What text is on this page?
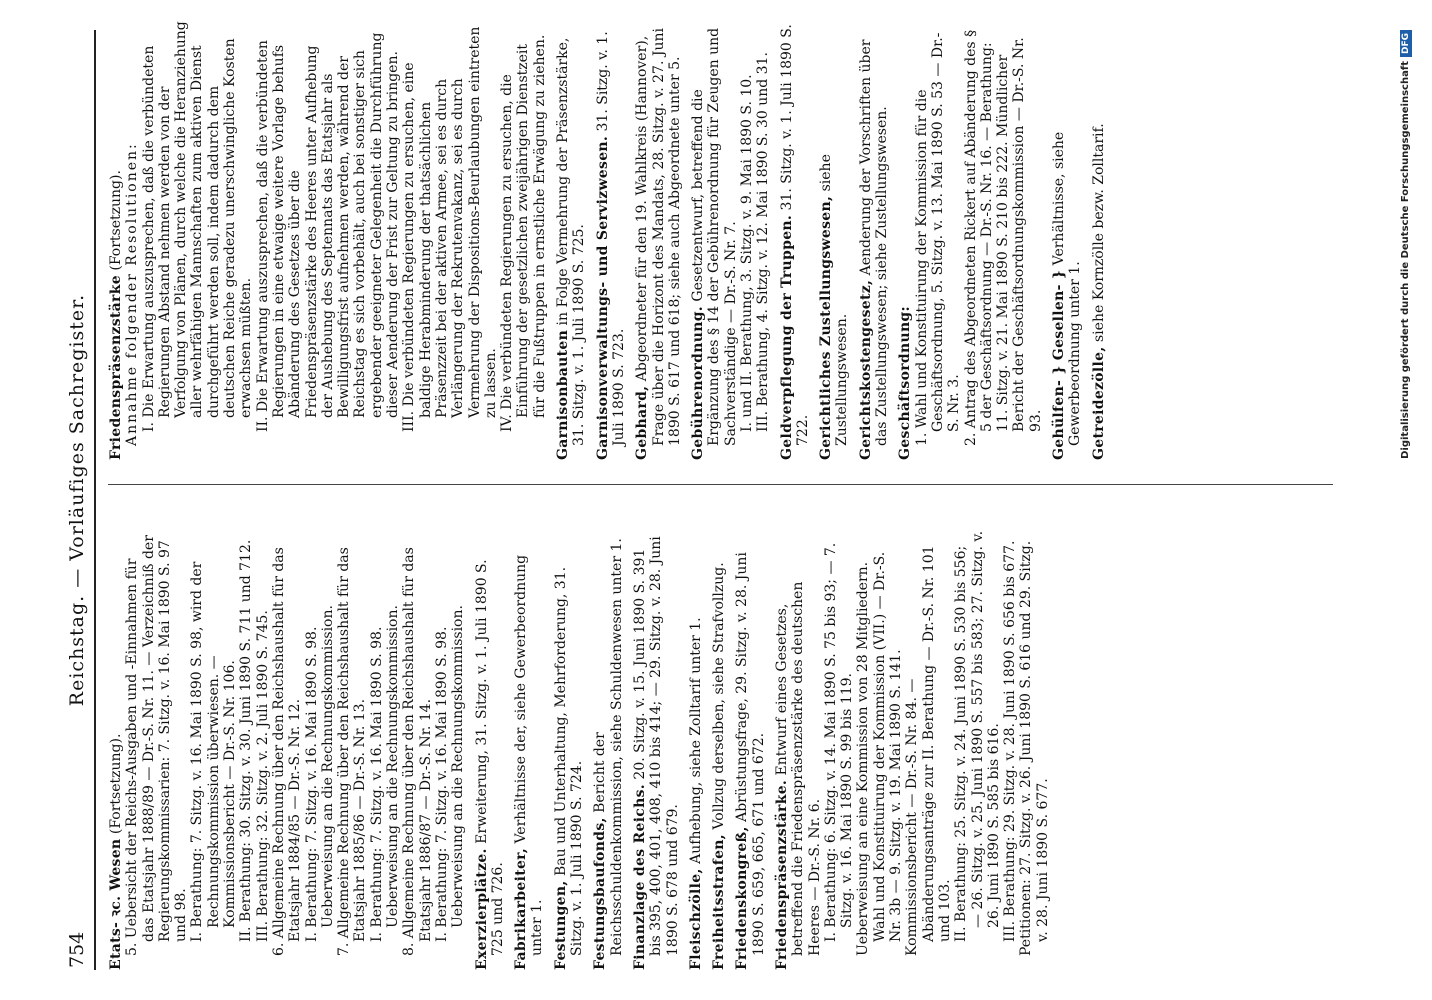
754
Reichstag. — Vorläufiges Sachregister.

Etats- ꝛc. Wesen (Fortsetzung). 5. Uebersicht der Reichs-Ausgaben und -Einnahmen für das Etatsjahr 1888/89 — Dr.-S. Nr. 11. — Verzeichniß der Regierungskommissarien: 7. Sitzg. v. 16. Mai 1890 S. 97 und 98. I. Berathung: 7. Sitzg. v. 16. Mai 1890 S. 98, wird der Rechnungskommission überwiesen. — Kommissionsbericht — Dr.-S. Nr. 106. II. Berathung: 30. Sitzg. v. 30. Juni 1890 S. 711 und 712. III. Berathung: 32. Sitzg. v. 2. Juli 1890 S. 745. 6. Allgemeine Rechnung über den Reichshaushalt für das Etatsjahr 1884/85 — Dr.-S. Nr. 12. I. Berathung: 7. Sitzg. v. 16. Mai 1890 S. 98. Ueberweisung an die Rechnungskommission. 7. Allgemeine Rechnung über den Reichshaushalt für das Etatsjahr 1885/86 — Dr.-S. Nr. 13. I. Berathung: 7. Sitzg. v. 16. Mai 1890 S. 98. Ueberweisung an die Rechnungskommission. 8. Allgemeine Rechnung über den Reichshaushalt für das Etatsjahr 1886/87 — Dr.-S. Nr. 14. I. Berathung: 7. Sitzg. v. 16. Mai 1890 S. 98. Ueberweisung an die Rechnungskommission. Exerzierplätze. Erweiterung, 31. Sitzg. v. 1. Juli 1890 S. 725 und 726. Fabrikarbeiter, Verhältnisse der, siehe Gewerbeordnung unter 1. Festungen, Bau und Unterhaltung, Mehrforderung, 31. Sitzg. v. 1. Juli 1890 S. 724. Festungsbaufonds, Bericht der Reichsschuldenkommission, siehe Schuldenwesen unter 1. Finanzlage des Reichs. 20. Sitzg. v. 15. Juni 1890 S. 391 bis 395, 400, 401, 408, 410 bis 414; — 29. Sitzg. v. 28. Juni 1890 S. 678 und 679. Fleischzölle, Aufhebung, siehe Zolltarif unter 1.

Freiheitsstrafen, Vollzug derselben, siehe Strafvollzug.

Friedenskongreß, Abrüstungsfrage, 29. Sitzg. v. 28. Juni 1890 S. 659, 665, 671 und 672. Friedenspräsenzstärke. Entwurf eines Gesetzes, betreffend die Friedenspräsenzstärke des deutschen Heeres — Dr.-S. Nr. 6. I. Berathung: 6. Sitzg. v. 14. Mai 1890 S. 75 bis 93; — 7. Sitzg. v. 16. Mai 1890 S. 99 bis 119. Ueberweisung an eine Kommission von 28 Mitgliedern. Wahl und Konstituirung der Kommission (VII.) — Dr.-S. Nr. 3b — 9. Sitzg. v. 19. Mai 1890 S. 141. Kommissionsbericht — Dr.-S. Nr. 84. — Abänderungsanträge zur II. Berathung — Dr.-S. Nr. 101 und 103. II. Berathung: 25. Sitzg. v. 24. Juni 1890 S. 530 bis 556; — 26. Sitzg. v. 25. Juni 1890 S. 557 bis 583; 27. Sitzg. v. 26. Juni 1890 S. 585 bis 616. III. Berathung: 29. Sitzg. v. 28. Juni 1890 S. 656 bis 677. Petitionen: 27. Sitzg. v. 26. Juni 1890 S. 616 und 29. Sitzg. v. 28. Juni 1890 S. 677.

Friedenspräsenzstärke (Fortsetzung). Annahme folgender Resolutionen: I. Die Erwartung auszusprechen, daß die verbündeten Regierungen Abstand nehmen werden von der Verfolgung von Plänen, durch welche die Heranziehung aller wehrfähigen Mannschaften zum aktiven Dienst durchgeführt werden soll, indem dadurch dem deutschen Reiche geradezu unerschwingliche Kosten erwachsen müßten. II. Die Erwartung auszusprechen, daß die verbündeten Regierungen in eine etwaige weitere Vorlage behufs Abänderung des Gesetzes über die Friedenspräsenzstärke des Heeres unter Aufhebung der Aushebung des Septennats das Etatsjahr als Bewilligungsfrist aufnehmen werden, während der Reichstag es sich vorbehält, auch bei sonstiger sich ergebender geeigneter Gelegenheit die Durchführung dieser Aenderung der Frist zur Geltung zu bringen. III. Die verbündeten Regierungen zu ersuchen, eine baldige Herabminderung der thatsächlichen Präsenzzeit bei der aktiven Armee, sei es durch Verlängerung der Rekrutenvakanz, sei es durch Vermehrung der Dispositions-Beurlaubungen eintreten zu lassen. IV. Die verbündeten Regierungen zu ersuchen, die Einführung der gesetzlichen zweijährigen Dienstzeit für die Fußtruppen in ernstliche Erwägung zu ziehen. Garnisonbauten in Folge Vermehrung der Präsenzstärke, 31. Sitzg. v. 1. Juli 1890 S. 725. Garnisonverwaltungs- und Servizwesen. 31. Sitzg. v. 1. Juli 1890 S. 723. Gebhard, Abgeordneter für den 19. Wahlkreis (Hannover), Frage über die Horizont des Mandats, 28. Sitzg. v. 27. Juni 1890 S. 617 und 618; siehe auch Abgeordnete unter 5. Gebührenordnung. Gesetzentwurf, betreffend die Ergänzung des § 14 der Gebührenordnung für Zeugen und Sachverständige — Dr.-S. Nr. 7. I. und II. Berathung, 3. Sitzg. v. 9. Mai 1890 S. 10. III. Berathung, 4. Sitzg. v. 12. Mai 1890 S. 30 und 31. Geldverpflegung der Truppen. 31. Sitzg. v. 1. Juli 1890 S. 722. Gerichtliches Zustellungswesen, siehe Zustellungswesen. Gerichtskostengesetz, Aenderung der Vorschriften über das Zustellungswesen; siehe Zustellungswesen. Geschäftsordnung: 1. Wahl und Konstituirung der Kommission für die Geschäftsordnung, 5. Sitzg. v. 13. Mai 1890 S. 53 — Dr.-S. Nr. 3. 2. Antrag des Abgeordneten Rickert auf Abänderung des § 5 der Geschäftsordnung — Dr.-S. Nr. 16. — Berathung: 11. Sitzg. v. 21. Mai 1890 S. 210 bis 222. Mündlicher Bericht der Geschäftsordnungskommission — Dr.-S. Nr. 93. Gehülfen- } Gesellen- } Verhältnisse, siehe Gewerbeordnung unter 1. Getreidezölle, siehe Kornzölle bezw. Zolltarif.	Digitalisierung gefördert durch die Deutsche ForschungsgemeinschaftDFG
